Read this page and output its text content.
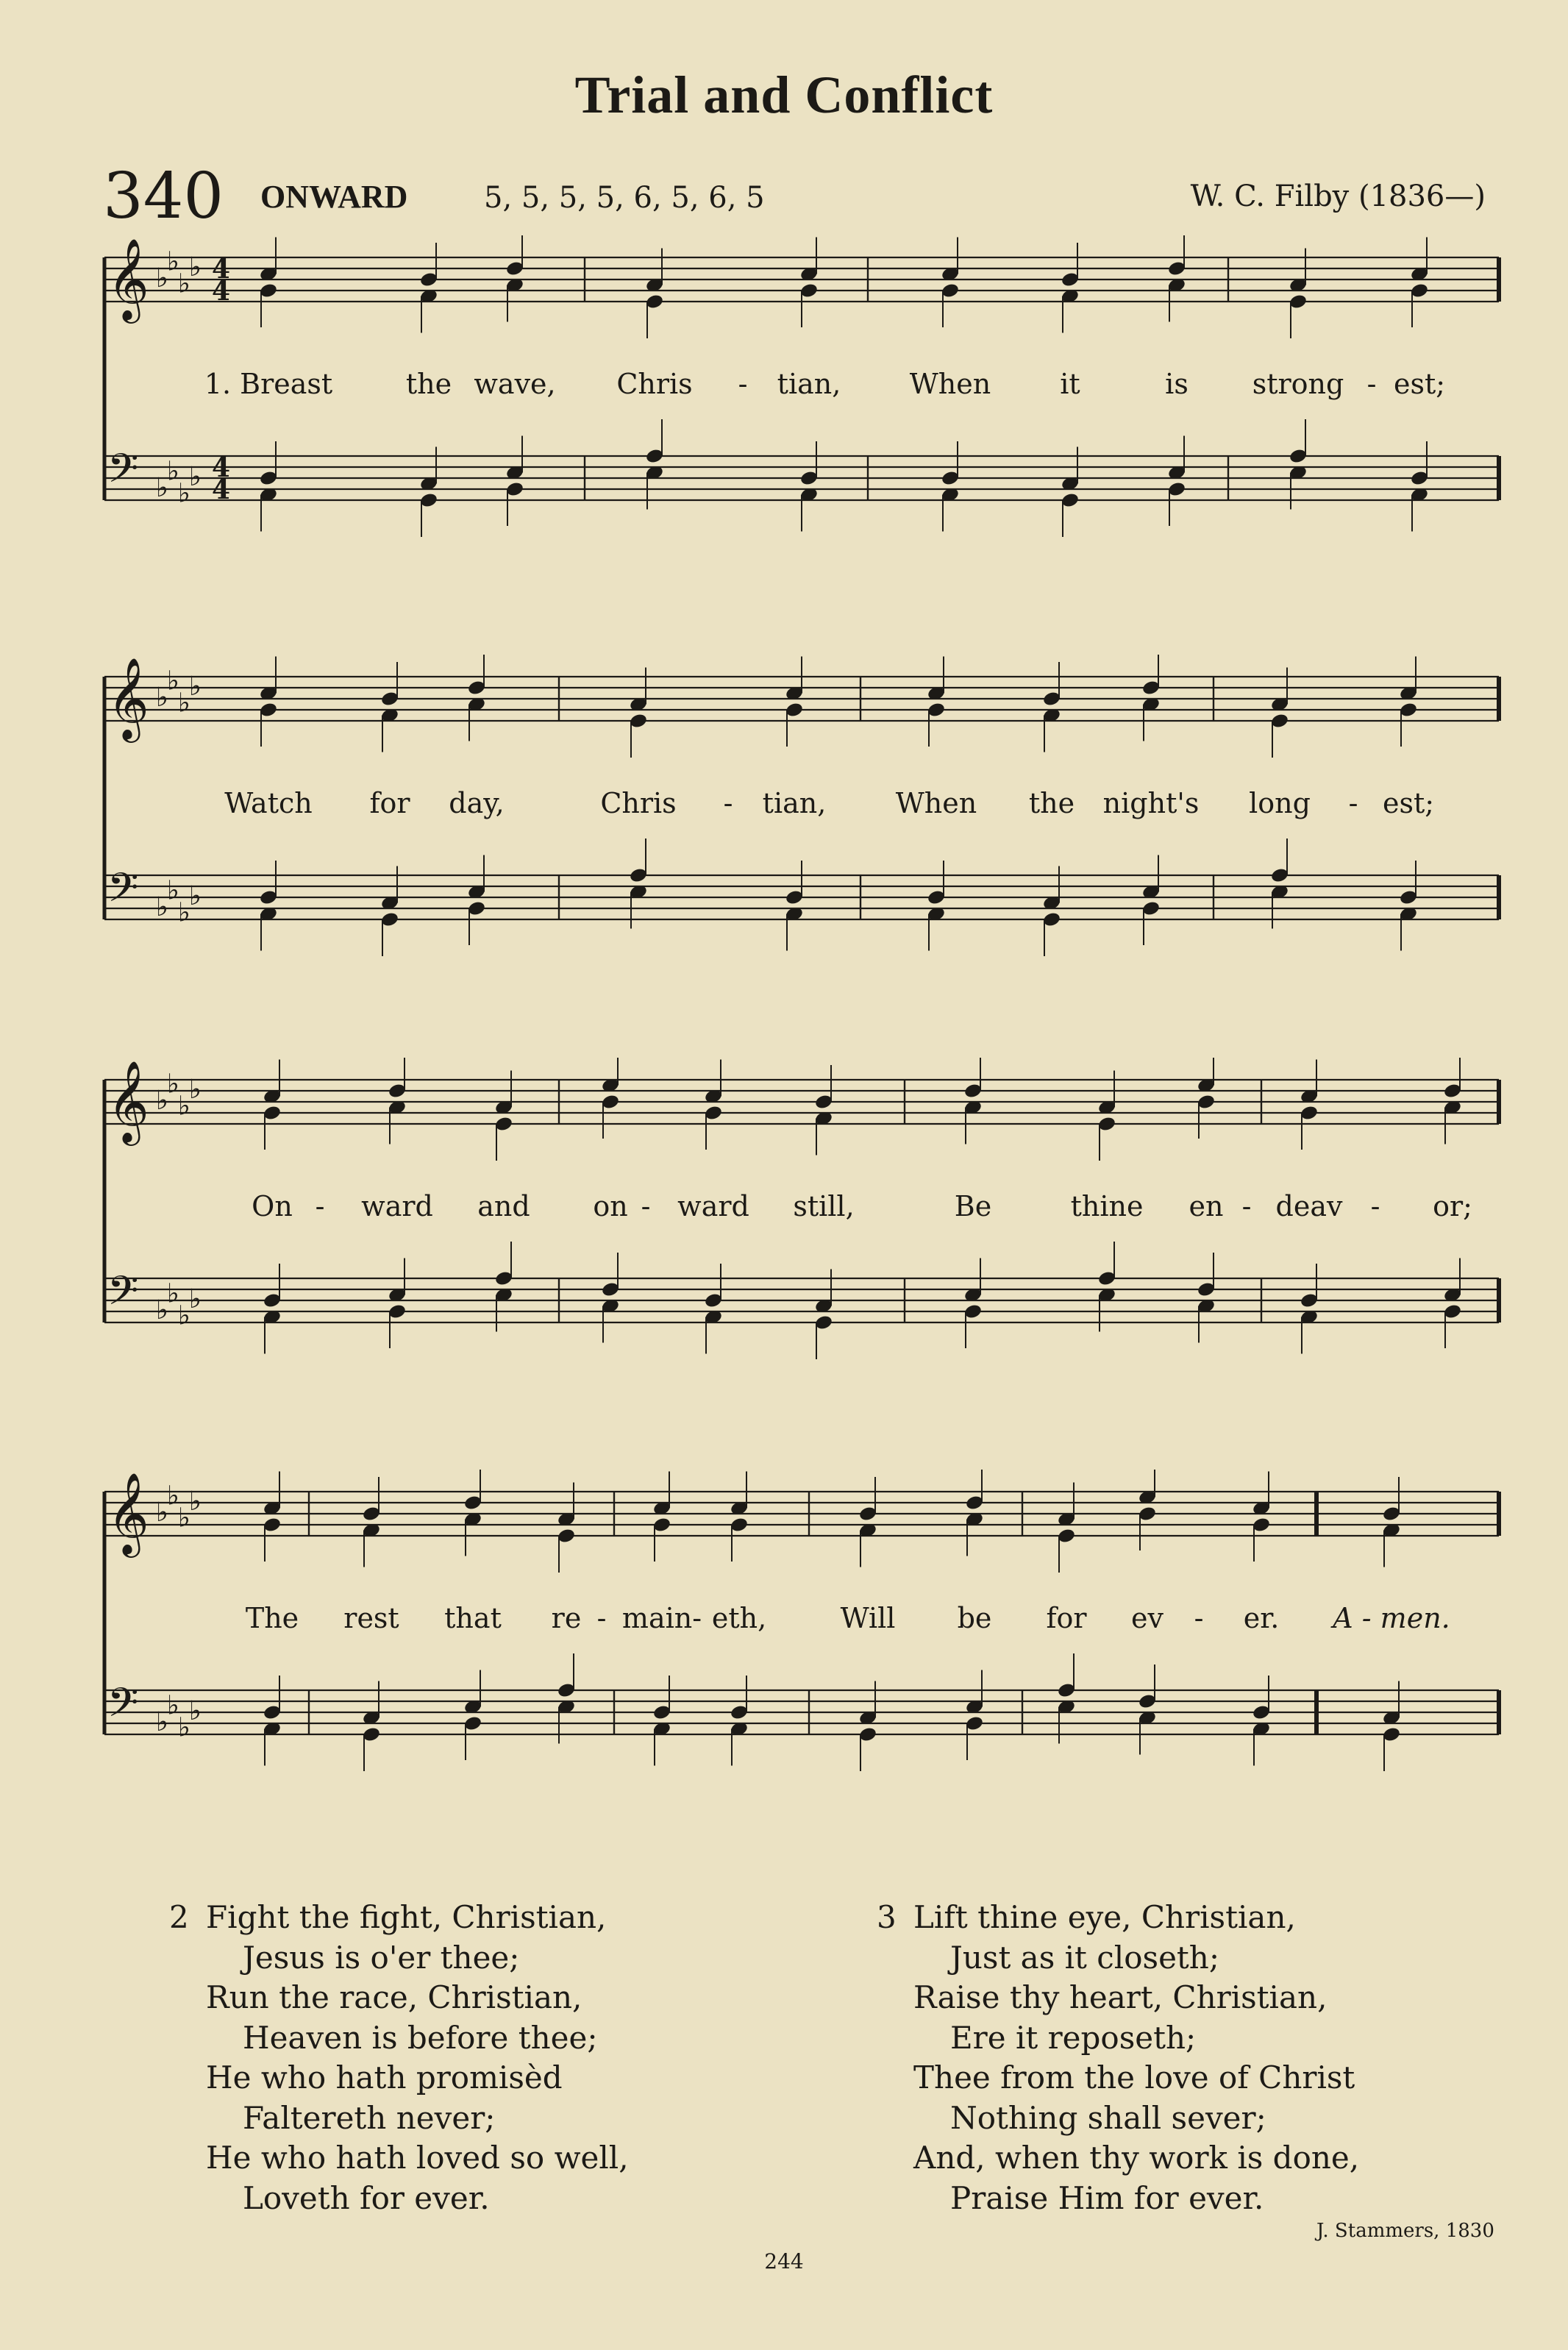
Trial and Conflict
340 ONWARD	5, 5, 5, 5, 6, 5, 6, 5	W. C. Filby (1836—)
𝄞 ♭
♭
♭
♭ 4
4
𝄢 ♭
♭
♭
♭ 4
4
1. Breast	the wave, Chris - tian, When it	is strong - est;
𝄞 ♭
♭
♭
♭
𝄢 ♭
♭
♭
♭
Watch for day,	Chris - tian, When the night's long - est;
𝄞 ♭
♭
♭
♭
𝄢 ♭
♭
♭
♭
On - ward and on - ward still,	Be	thine en - deav - or;
𝄞 ♭
♭
♭
♭
𝄢 ♭
♭
♭
♭
The rest that re - main- eth,	Will be for ev - er. A - men.
2 Fight the fight, Christian,
Jesus is o'er thee;
Run the race, Christian,
Heaven is before thee;
He who hath promisèd
Faltereth never;
He who hath loved so well,
Loveth for ever.
3 Lift thine eye, Christian,
Just as it closeth;
Raise thy heart, Christian,
Ere it reposeth;
Thee from the love of Christ
Nothing shall sever;
And, when thy work is done,
Praise Him for ever.
J. Stammers, 1830
244
